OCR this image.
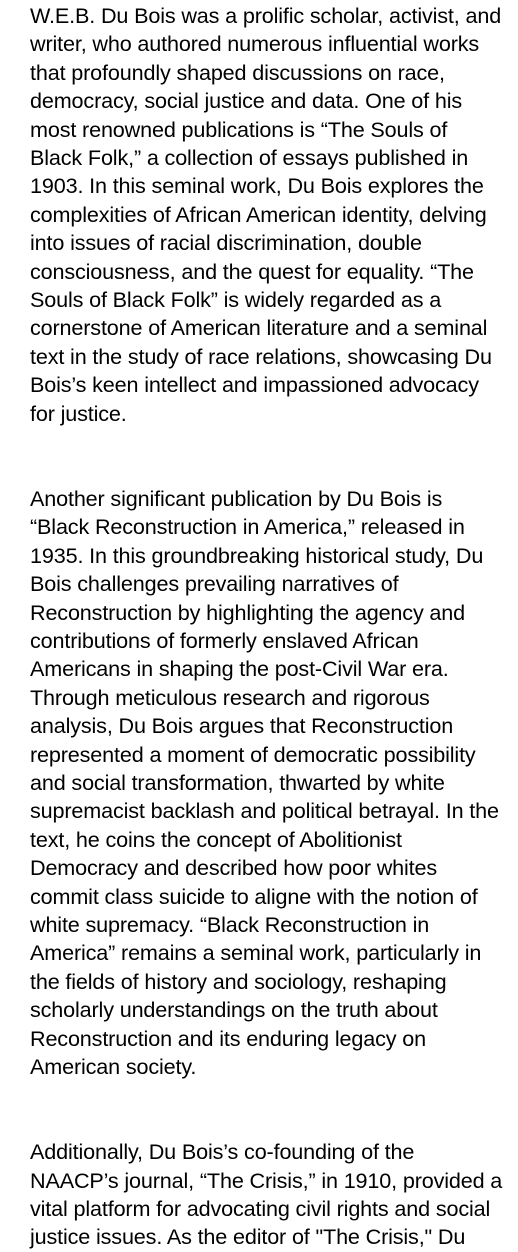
W.E.B. Du Bois was a prolific scholar, activist, and
writer, who authored numerous influential works
that profoundly shaped discussions on race,
democracy, social justice and data. One of his
most renowned publications is “The Souls of
Black Folk,” a collection of essays published in
1903. In this seminal work, Du Bois explores the
complexities of African American identity, delving
into issues of racial discrimination, double
consciousness, and the quest for equality. “The
Souls of Black Folk” is widely regarded as a
cornerstone of American literature and a seminal
text in the study of race relations, showcasing Du
Bois’s keen intellect and impassioned advocacy
for justice.

Another significant publication by Du Bois is
“Black Reconstruction in America,” released in
1935. In this groundbreaking historical study, Du
Bois challenges prevailing narratives of
Reconstruction by highlighting the agency and
contributions of formerly enslaved African
Americans in shaping the post-Civil War era.
Through meticulous research and rigorous
analysis, Du Bois argues that Reconstruction
represented a moment of democratic possibility
and social transformation, thwarted by white
supremacist backlash and political betrayal. In the
text, he coins the concept of Abolitionist
Democracy and described how poor whites
commit class suicide to aligne with the notion of
white supremacy. “Black Reconstruction in
America” remains a seminal work, particularly in
the fields of history and sociology, reshaping
scholarly understandings on the truth about
Reconstruction and its enduring legacy on
American society.

Additionally, Du Bois’s co-founding of the
NAACP’s journal, “The Crisis,” in 1910, provided a
vital platform for advocating civil rights and social
justice issues. As the editor of "The Crisis," Du
